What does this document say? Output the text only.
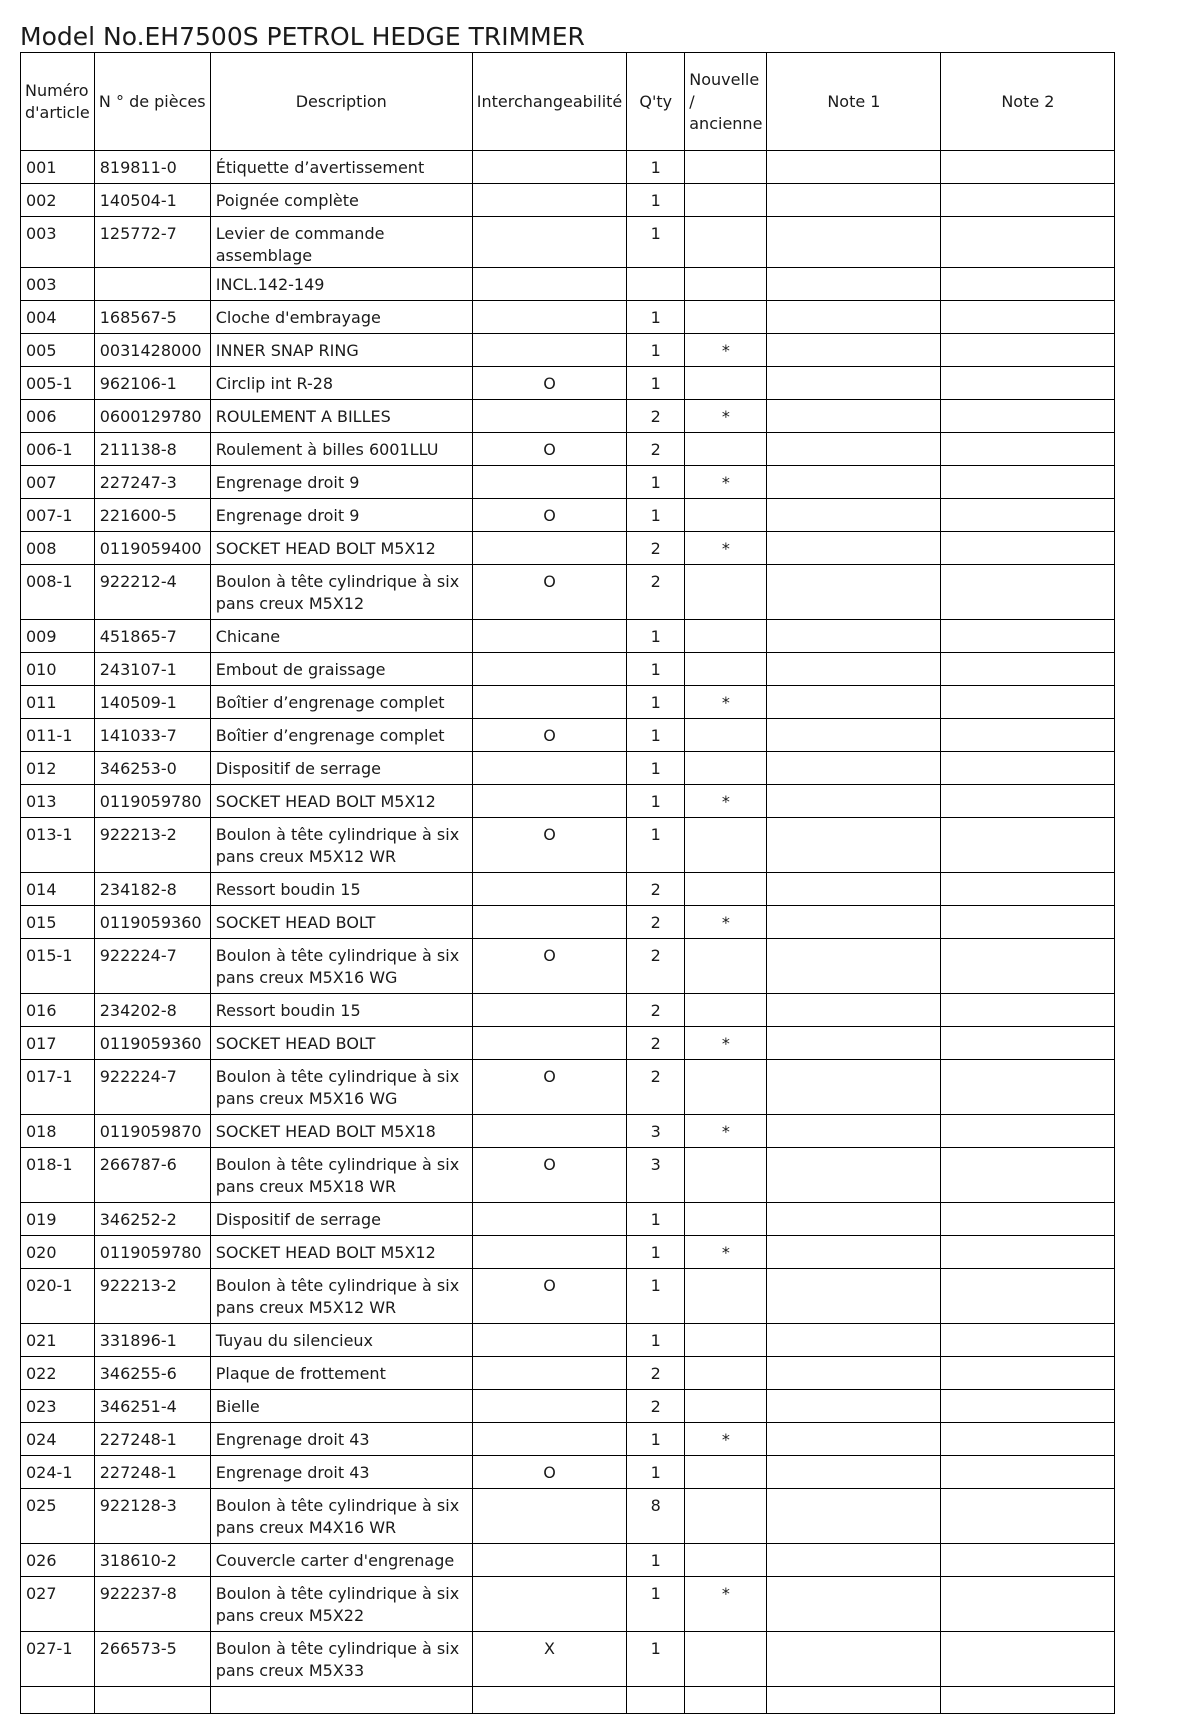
Model No.EH7500S PETROL HEDGE TRIMMER
Numéro d'article	N ° de pièces	Description	Interchangeabilité	Q'ty	Nouvelle / ancienne	Note 1	Note 2
001	819811-0	Étiquette d’avertissement		1			
002	140504-1	Poignée complète		1			
003	125772-7	Levier de commande assemblage		1			
003		INCL.142-149					
004	168567-5	Cloche d'embrayage		1			
005	0031428000	INNER SNAP RING		1	*		
005-1	962106-1	Circlip int R-28	O	1			
006	0600129780	ROULEMENT A BILLES		2	*		
006-1	211138-8	Roulement à billes 6001LLU	O	2			
007	227247-3	Engrenage droit 9		1	*		
007-1	221600-5	Engrenage droit 9	O	1			
008	0119059400	SOCKET HEAD BOLT M5X12		2	*		
008-1	922212-4	Boulon à tête cylindrique à six pans creux M5X12	O	2			
009	451865-7	Chicane		1			
010	243107-1	Embout de graissage		1			
011	140509-1	Boîtier d’engrenage complet		1	*		
011-1	141033-7	Boîtier d’engrenage complet	O	1			
012	346253-0	Dispositif de serrage		1			
013	0119059780	SOCKET HEAD BOLT M5X12		1	*		
013-1	922213-2	Boulon à tête cylindrique à six pans creux M5X12 WR	O	1			
014	234182-8	Ressort boudin 15		2			
015	0119059360	SOCKET HEAD BOLT		2	*		
015-1	922224-7	Boulon à tête cylindrique à six pans creux M5X16 WG	O	2			
016	234202-8	Ressort boudin 15		2			
017	0119059360	SOCKET HEAD BOLT		2	*		
017-1	922224-7	Boulon à tête cylindrique à six pans creux M5X16 WG	O	2			
018	0119059870	SOCKET HEAD BOLT M5X18		3	*		
018-1	266787-6	Boulon à tête cylindrique à six pans creux M5X18 WR	O	3			
019	346252-2	Dispositif de serrage		1			
020	0119059780	SOCKET HEAD BOLT M5X12		1	*		
020-1	922213-2	Boulon à tête cylindrique à six pans creux M5X12 WR	O	1			
021	331896-1	Tuyau du silencieux		1			
022	346255-6	Plaque de frottement		2			
023	346251-4	Bielle		2			
024	227248-1	Engrenage droit 43		1	*		
024-1	227248-1	Engrenage droit 43	O	1			
025	922128-3	Boulon à tête cylindrique à six pans creux M4X16 WR		8			
026	318610-2	Couvercle carter d'engrenage		1			
027	922237-8	Boulon à tête cylindrique à six pans creux M5X22		1	*		
027-1	266573-5	Boulon à tête cylindrique à six pans creux M5X33	X	1			
